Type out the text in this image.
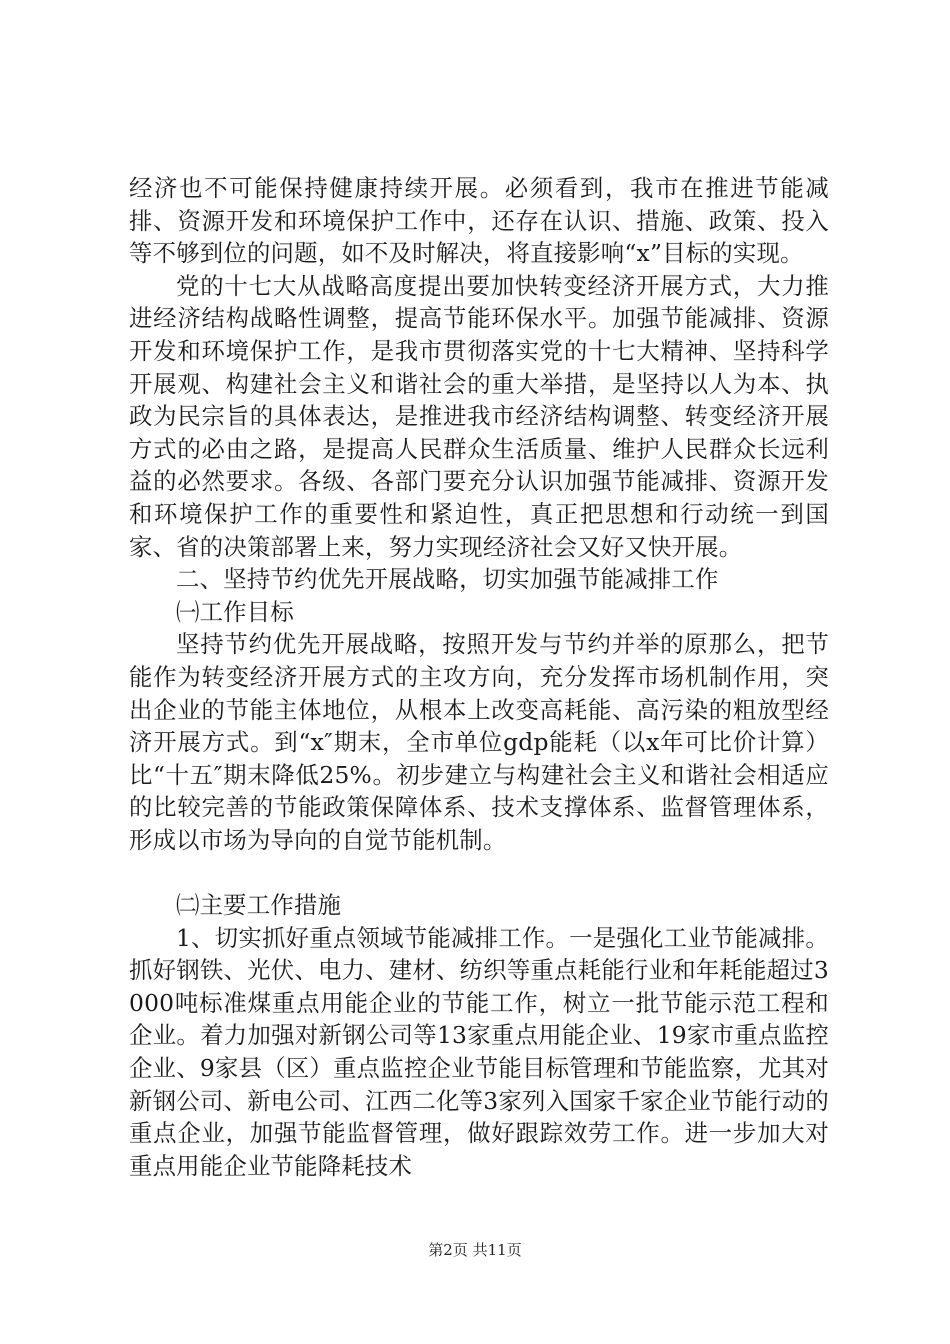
经济也不可能保持健康持续开展。必须看到，我市在推进节能减排、资源开发和环境保护工作中，还存在认识、措施、政策、投入等不够到位的问题，如不及时解决，将直接影响“x”目标的实现。

党的十七大从战略高度提出要加快转变经济开展方式，大力推进经济结构战略性调整，提高节能环保水平。加强节能减排、资源开发和环境保护工作，是我市贯彻落实党的十七大精神、坚持科学开展观、构建社会主义和谐社会的重大举措，是坚持以人为本、执政为民宗旨的具体表达，是推进我市经济结构调整、转变经济开展方式的必由之路，是提高人民群众生活质量、维护人民群众长远利益的必然要求。各级、各部门要充分认识加强节能减排、资源开发和环境保护工作的重要性和紧迫性，真正把思想和行动统一到国家、省的决策部署上来，努力实现经济社会又好又快开展。

二、坚持节约优先开展战略，切实加强节能减排工作

㈠工作目标

坚持节约优先开展战略，按照开发与节约并举的原那么，把节能作为转变经济开展方式的主攻方向，充分发挥市场机制作用，突出企业的节能主体地位，从根本上改变高耗能、高污染的粗放型经济开展方式。到“x″期末，全市单位gdp能耗（以x年可比价计算）比“十五″期末降低25%。初步建立与构建社会主义和谐社会相适应的比较完善的节能政策保障体系、技术支撑体系、监督管理体系，形成以市场为导向的自觉节能机制。

㈡主要工作措施

1、切实抓好重点领域节能减排工作。一是强化工业节能减排。抓好钢铁、光伏、电力、建材、纺织等重点耗能行业和年耗能超过3000吨标准煤重点用能企业的节能工作，树立一批节能示范工程和企业。着力加强对新钢公司等13家重点用能企业、19家市重点监控企业、9家县（区）重点监控企业节能目标管理和节能监察，尤其对新钢公司、新电公司、江西二化等3家列入国家千家企业节能行动的重点企业，加强节能监督管理，做好跟踪效劳工作。进一步加大对重点用能企业节能降耗技术

第2页 共11页
